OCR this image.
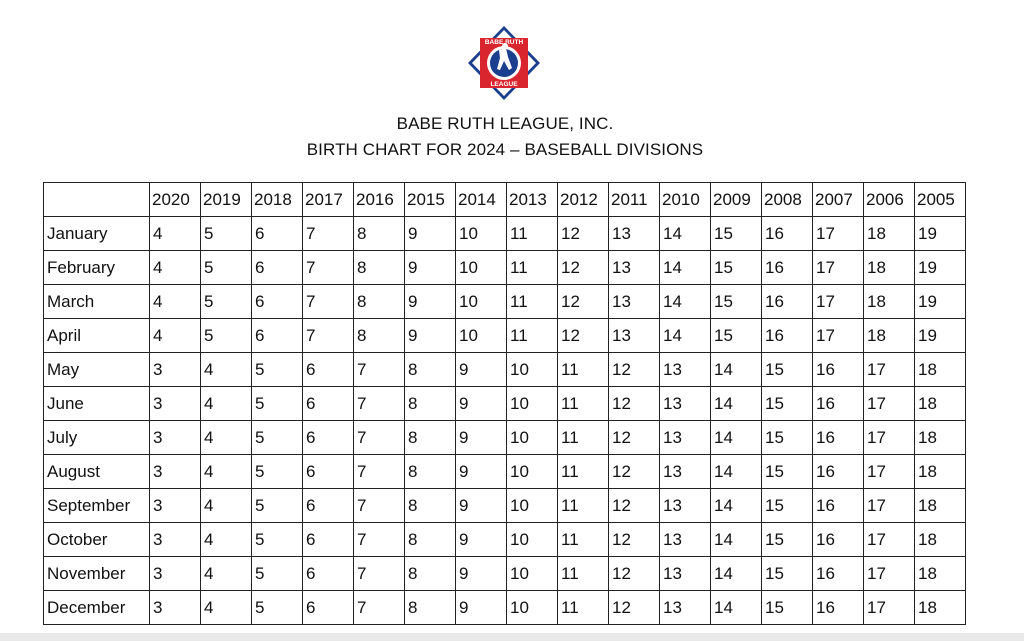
BABE RUTH
LEAGUE
BABE RUTH LEAGUE, INC.
BIRTH CHART FOR 2024 – BASEBALL DIVISIONS
	2020	2019	2018	2017	2016	2015	2014	2013	2012	2011	2010	2009	2008	2007	2006	2005
January	4	5	6	7	8	9	10	11	12	13	14	15	16	17	18	19
February	4	5	6	7	8	9	10	11	12	13	14	15	16	17	18	19
March	4	5	6	7	8	9	10	11	12	13	14	15	16	17	18	19
April	4	5	6	7	8	9	10	11	12	13	14	15	16	17	18	19
May	3	4	5	6	7	8	9	10	11	12	13	14	15	16	17	18
June	3	4	5	6	7	8	9	10	11	12	13	14	15	16	17	18
July	3	4	5	6	7	8	9	10	11	12	13	14	15	16	17	18
August	3	4	5	6	7	8	9	10	11	12	13	14	15	16	17	18
September	3	4	5	6	7	8	9	10	11	12	13	14	15	16	17	18
October	3	4	5	6	7	8	9	10	11	12	13	14	15	16	17	18
November	3	4	5	6	7	8	9	10	11	12	13	14	15	16	17	18
December	3	4	5	6	7	8	9	10	11	12	13	14	15	16	17	18
